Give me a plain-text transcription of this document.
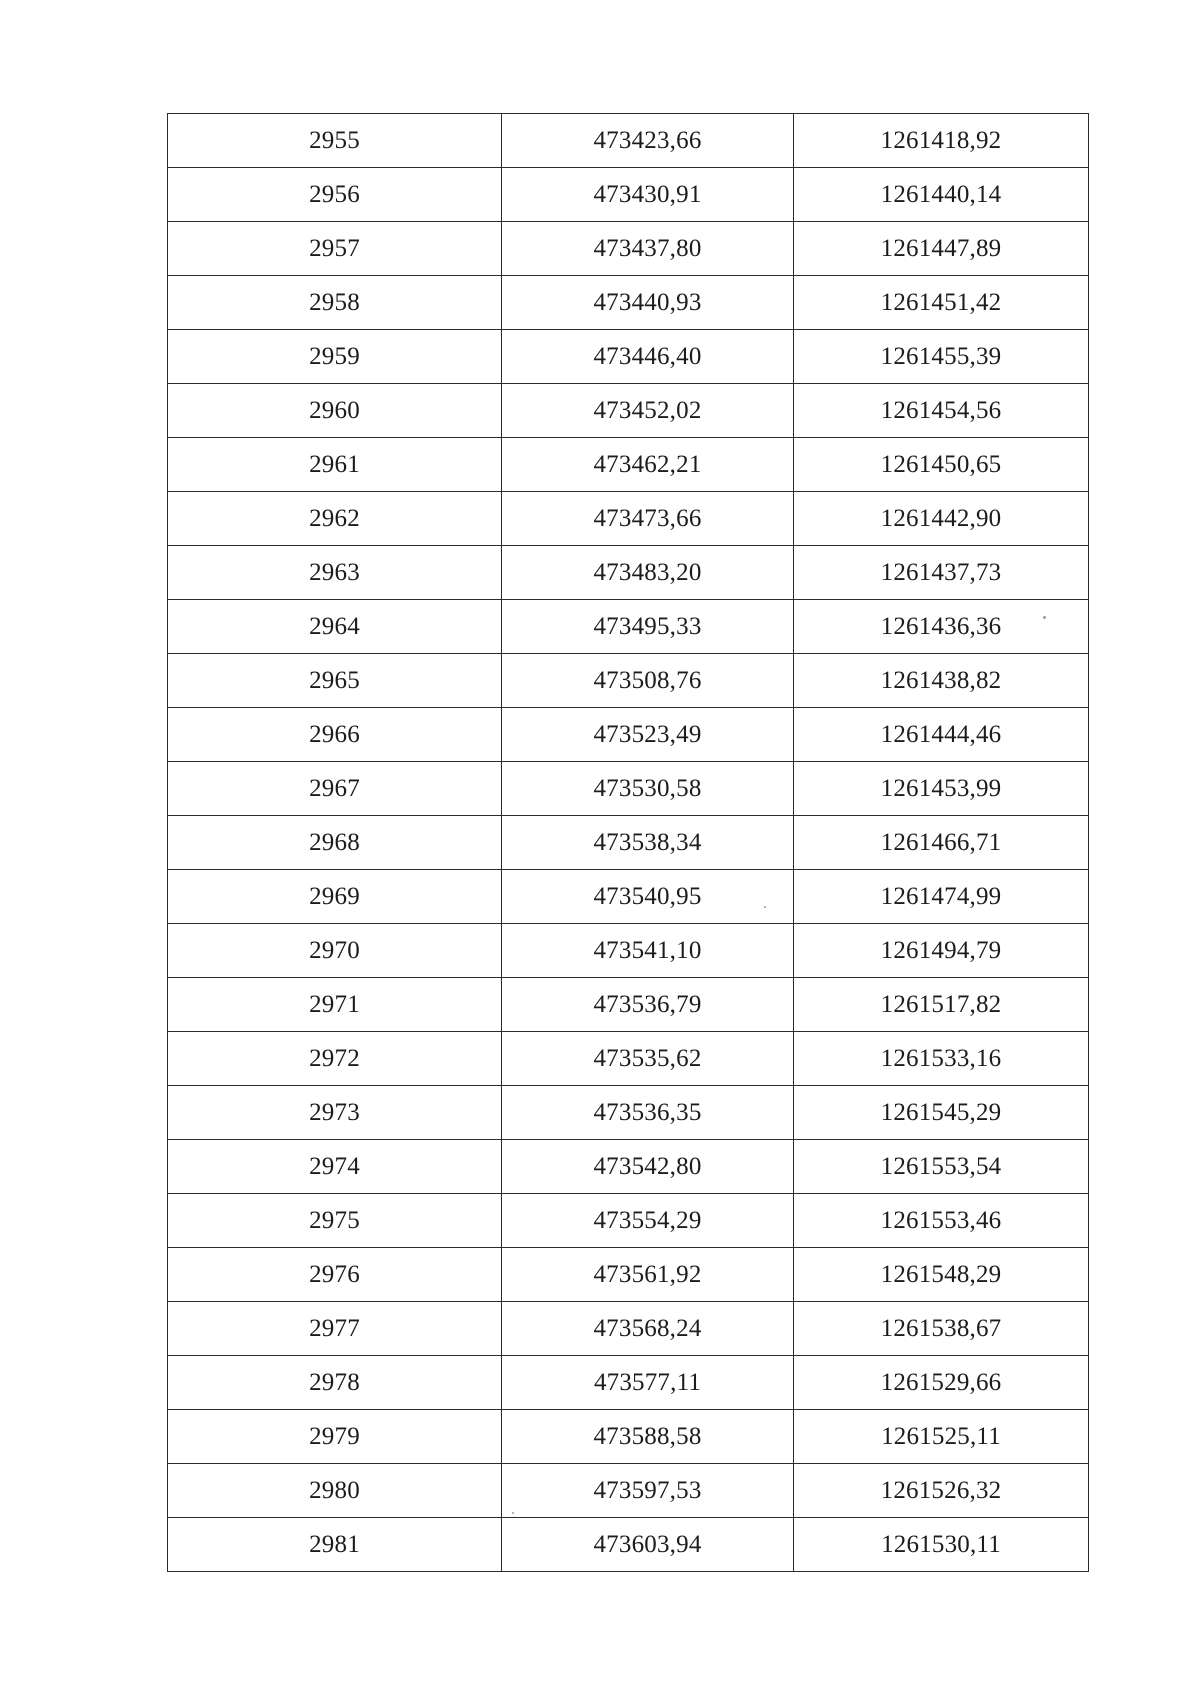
2955	473423,66	1261418,92
2956	473430,91	1261440,14
2957	473437,80	1261447,89
2958	473440,93	1261451,42
2959	473446,40	1261455,39
2960	473452,02	1261454,56
2961	473462,21	1261450,65
2962	473473,66	1261442,90
2963	473483,20	1261437,73
2964	473495,33	1261436,36
2965	473508,76	1261438,82
2966	473523,49	1261444,46
2967	473530,58	1261453,99
2968	473538,34	1261466,71
2969	473540,95	1261474,99
2970	473541,10	1261494,79
2971	473536,79	1261517,82
2972	473535,62	1261533,16
2973	473536,35	1261545,29
2974	473542,80	1261553,54
2975	473554,29	1261553,46
2976	473561,92	1261548,29
2977	473568,24	1261538,67
2978	473577,11	1261529,66
2979	473588,58	1261525,11
2980	473597,53	1261526,32
2981	473603,94	1261530,11
